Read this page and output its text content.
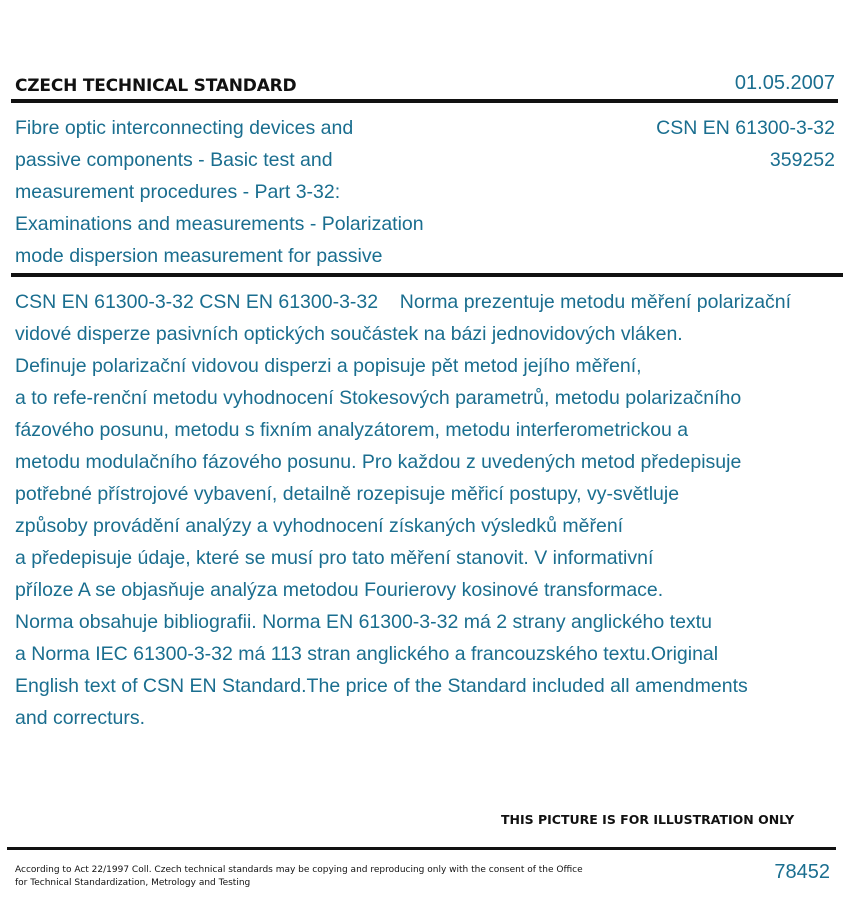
CZECH TECHNICAL STANDARD	01.05.2007
Fibre optic interconnecting devices and
passive components - Basic test and
measurement procedures - Part 3-32:
Examinations and measurements - Polarization
mode dispersion measurement for passive
CSN EN 61300-3-32
359252
CSN EN 61300-3-32 CSN EN 61300-3-32    Norma prezentuje metodu měření polarizační
vidové disperze pasivních optických součástek na bázi jednovidových vláken.
Definuje polarizační vidovou disperzi a popisuje pět metod jejího měření,
a to refe-renční metodu vyhodnocení Stokesových parametrů, metodu polarizačního
fázového posunu, metodu s fixním analyzátorem, metodu interferometrickou a
metodu modulačního fázového posunu. Pro každou z uvedených metod předepisuje
potřebné přístrojové vybavení, detailně rozepisuje měřicí postupy, vy-světluje
způsoby provádění analýzy a vyhodnocení získaných výsledků měření
a předepisuje údaje, které se musí pro tato měření stanovit. V informativní
příloze A se objasňuje analýza metodou Fourierovy kosinové transformace.
Norma obsahuje bibliografii. Norma EN 61300-3-32 má 2 strany anglického textu
a Norma IEC 61300-3-32 má 113 stran anglického a francouzského textu.Original
English text of CSN EN Standard.The price of the Standard included all amendments
and correcturs.
THIS PICTURE IS FOR ILLUSTRATION ONLY
According to Act 22/1997 Coll. Czech technical standards may be copying and reproducing only with the consent of the Office
for Technical Standardization, Metrology and Testing	78452
